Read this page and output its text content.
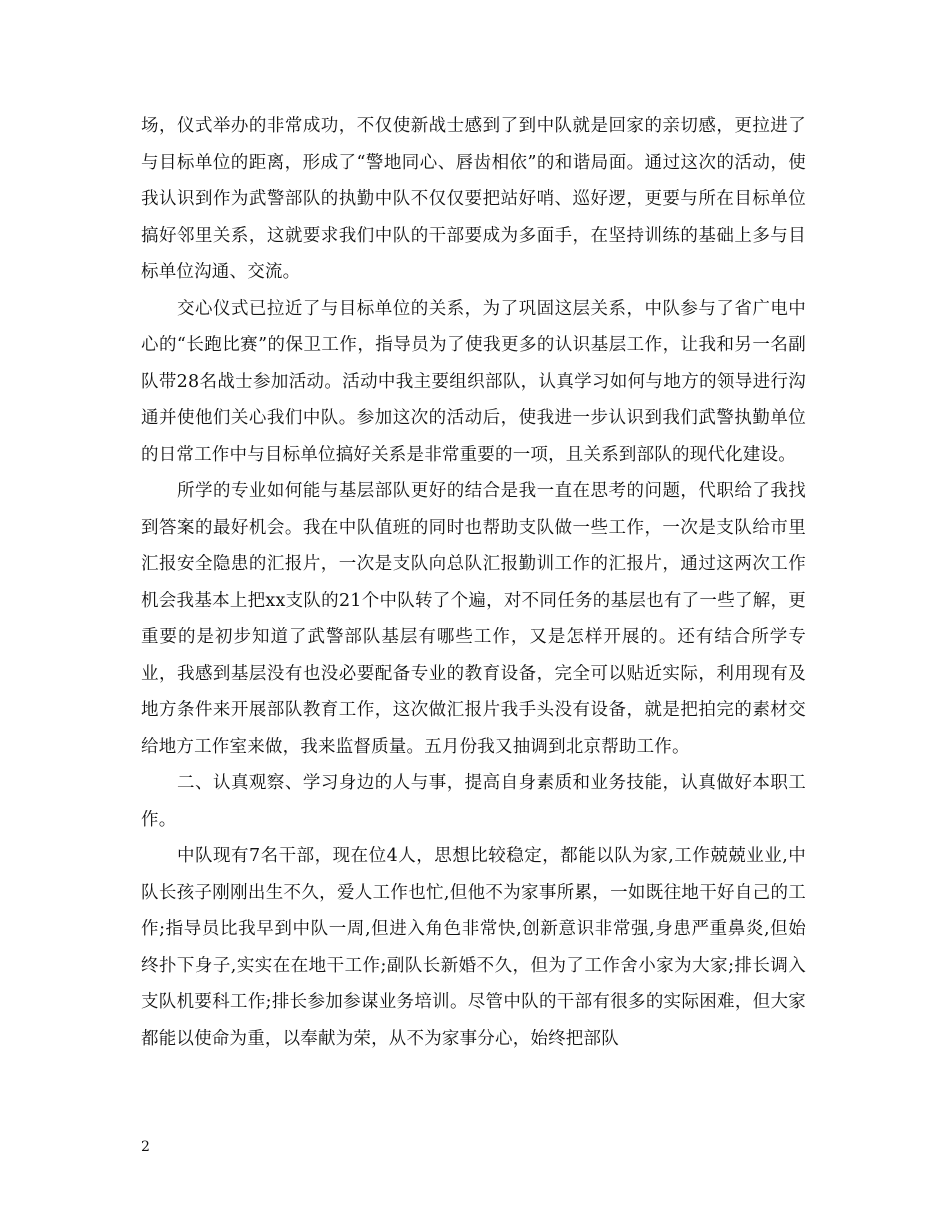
场，仪式举办的非常成功，不仅使新战士感到了到中队就是回家的亲切感，更拉进了与目标单位的距离，形成了“警地同心、唇齿相依”的和谐局面。通过这次的活动，使我认识到作为武警部队的执勤中队不仅仅要把站好哨、巡好逻，更要与所在目标单位搞好邻里关系，这就要求我们中队的干部要成为多面手，在坚持训练的基础上多与目标单位沟通、交流。

交心仪式已拉近了与目标单位的关系，为了巩固这层关系，中队参与了省广电中心的“长跑比赛”的保卫工作，指导员为了使我更多的认识基层工作，让我和另一名副队带28名战士参加活动。活动中我主要组织部队，认真学习如何与地方的领导进行沟通并使他们关心我们中队。参加这次的活动后，使我进一步认识到我们武警执勤单位的日常工作中与目标单位搞好关系是非常重要的一项，且关系到部队的现代化建设。

所学的专业如何能与基层部队更好的结合是我一直在思考的问题，代职给了我找到答案的最好机会。我在中队值班的同时也帮助支队做一些工作，一次是支队给市里汇报安全隐患的汇报片，一次是支队向总队汇报勤训工作的汇报片，通过这两次工作机会我基本上把xx支队的21个中队转了个遍，对不同任务的基层也有了一些了解，更重要的是初步知道了武警部队基层有哪些工作，又是怎样开展的。还有结合所学专业，我感到基层没有也没必要配备专业的教育设备，完全可以贴近实际，利用现有及地方条件来开展部队教育工作，这次做汇报片我手头没有设备，就是把拍完的素材交给地方工作室来做，我来监督质量。五月份我又抽调到北京帮助工作。

二、认真观察、学习身边的人与事，提高自身素质和业务技能，认真做好本职工作。

中队现有7名干部，现在位4人，思想比较稳定，都能以队为家,工作兢兢业业,中队长孩子刚刚出生不久，爱人工作也忙,但他不为家事所累，一如既往地干好自己的工作;指导员比我早到中队一周,但进入角色非常快,创新意识非常强,身患严重鼻炎,但始终扑下身子,实实在在地干工作;副队长新婚不久，但为了工作舍小家为大家;排长调入支队机要科工作;排长参加参谋业务培训。尽管中队的干部有很多的实际困难，但大家都能以使命为重，以奉献为荣，从不为家事分心，始终把部队

2
